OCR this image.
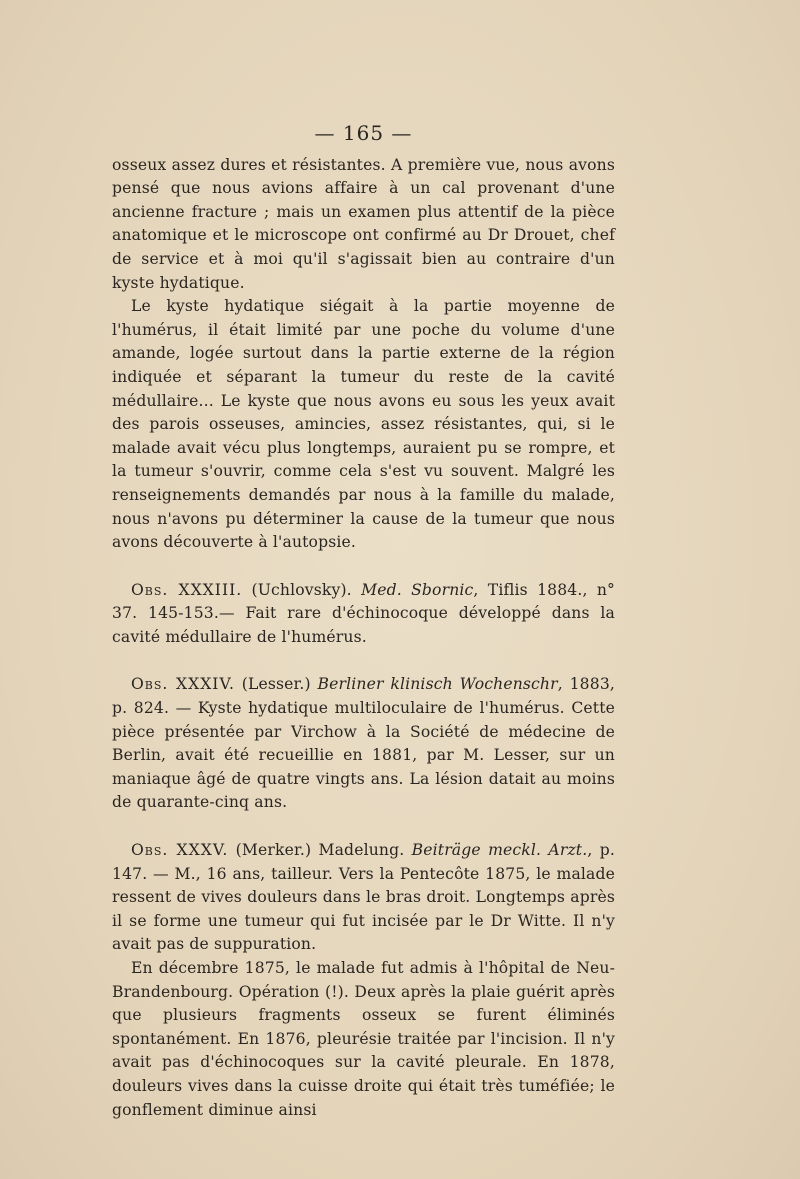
— 165 —

osseux assez dures et résistantes. A première vue, nous avons pensé que nous avions affaire à un cal provenant d'une ancienne fracture ; mais un examen plus attentif de la pièce anatomique et le microscope ont confirmé au Dr Drouet, chef de service et à moi qu'il s'agissait bien au contraire d'un kyste hydatique.

Le kyste hydatique siégait à la partie moyenne de l'humérus, il était limité par une poche du volume d'une amande, logée surtout dans la partie externe de la région indiquée et séparant la tumeur du reste de la cavité médullaire... Le kyste que nous avons eu sous les yeux avait des parois osseuses, amincies, assez résistantes, qui, si le malade avait vécu plus longtemps, auraient pu se rompre, et la tumeur s'ouvrir, comme cela s'est vu souvent. Malgré les renseignements demandés par nous à la famille du malade, nous n'avons pu déterminer la cause de la tumeur que nous avons découverte à l'autopsie.

Obs. XXXIII. (Uchlovsky). Med. Sbornic, Tiflis 1884., n° 37. 145-153.— Fait rare d'échinocoque développé dans la cavité médullaire de l'humérus.

Obs. XXXIV. (Lesser.) Berliner klinisch Wochenschr, 1883, p. 824. — Kyste hydatique multiloculaire de l'humérus. Cette pièce présentée par Virchow à la Société de médecine de Berlin, avait été recueillie en 1881, par M. Lesser, sur un maniaque âgé de quatre vingts ans. La lésion datait au moins de quarante-cinq ans.

Obs. XXXV. (Merker.) Madelung. Beiträge meckl. Arzt., p. 147. — M., 16 ans, tailleur. Vers la Pentecôte 1875, le malade ressent de vives douleurs dans le bras droit. Longtemps après il se forme une tumeur qui fut incisée par le Dr Witte. Il n'y avait pas de suppuration.

En décembre 1875, le malade fut admis à l'hôpital de Neu-Brandenbourg. Opération (!). Deux après la plaie guérit après que plusieurs fragments osseux se furent éliminés spontanément. En 1876, pleurésie traitée par l'incision. Il n'y avait pas d'échinocoques sur la cavité pleurale. En 1878, douleurs vives dans la cuisse droite qui était très tuméfiée; le gonflement diminue ainsi
